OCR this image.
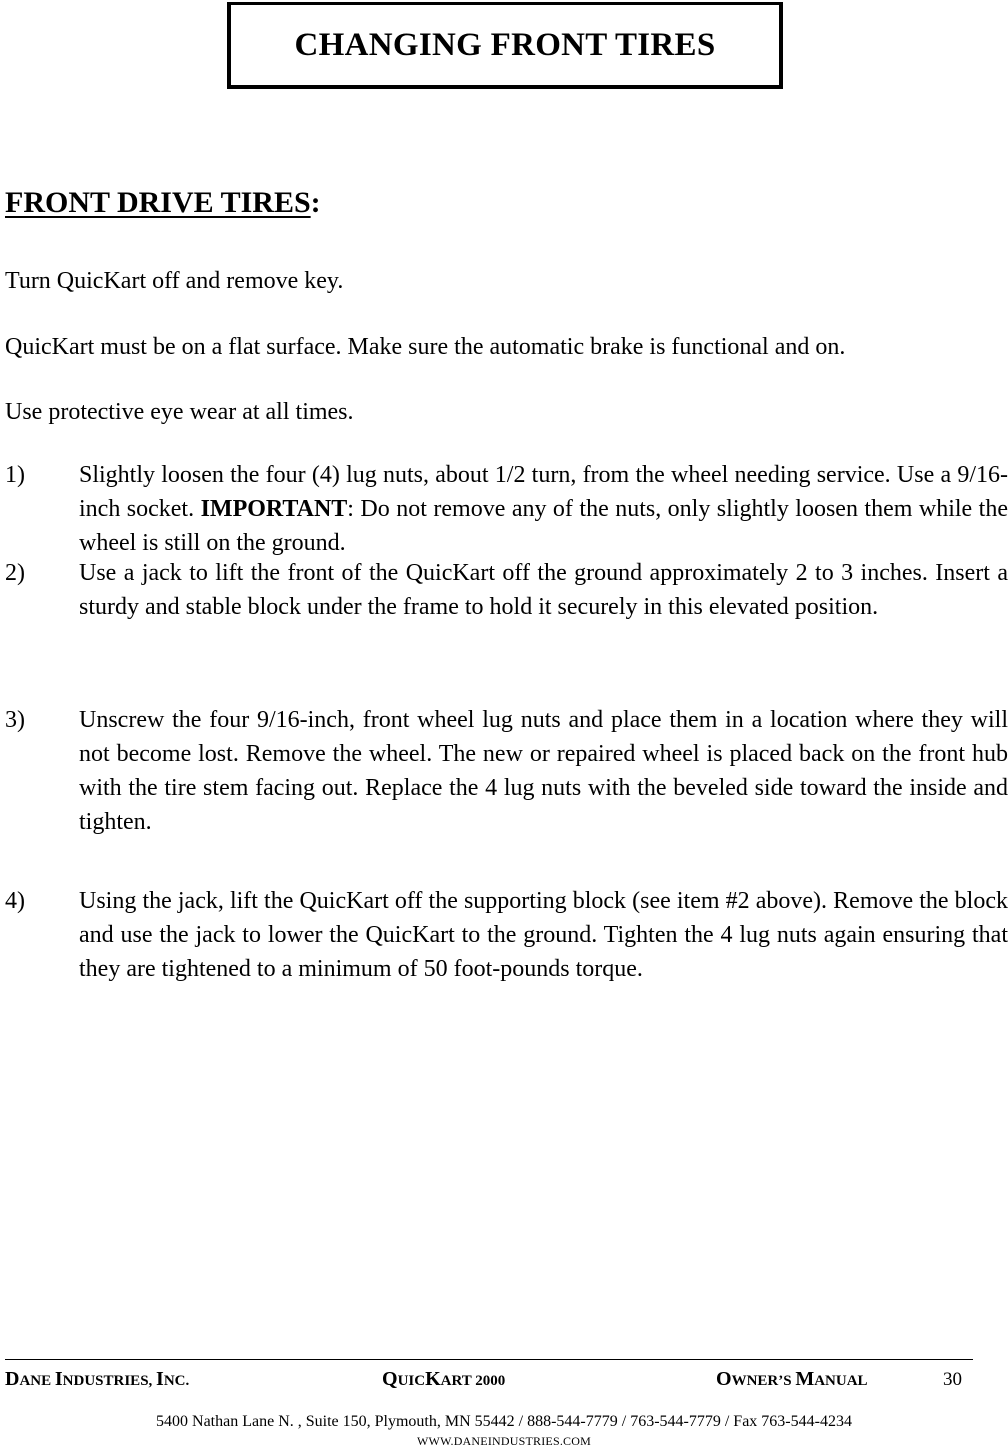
CHANGING FRONT TIRES
FRONT DRIVE TIRES:
Turn QuicKart off and remove key.
QuicKart must be on a flat surface. Make sure the automatic brake is functional and on.
Use protective eye wear at all times.
1) Slightly loosen the four (4) lug nuts, about 1/2 turn, from the wheel needing service. Use a 9/16-inch socket. IMPORTANT: Do not remove any of the nuts, only slightly loosen them while the wheel is still on the ground.
2) Use a jack to lift the front of the QuicKart off the ground approximately 2 to 3 inches. Insert a sturdy and stable block under the frame to hold it securely in this elevated position.
3) Unscrew the four 9/16-inch, front wheel lug nuts and place them in a location where they will not become lost. Remove the wheel. The new or repaired wheel is placed back on the front hub with the tire stem facing out. Replace the 4 lug nuts with the beveled side toward the inside and tighten.
4) Using the jack, lift the QuicKart off the supporting block (see item #2 above). Remove the block and use the jack to lower the QuicKart to the ground. Tighten the 4 lug nuts again ensuring that they are tightened to a minimum of 50 foot-pounds torque.
DANE INDUSTRIES, INC.	QUICKART 2000	OWNER’S MANUAL	30
5400 Nathan Lane N. , Suite 150, Plymouth, MN 55442 / 888-544-7779 / 763-544-7779 / Fax 763-544-4234
WWW.DANEINDUSTRIES.COM
